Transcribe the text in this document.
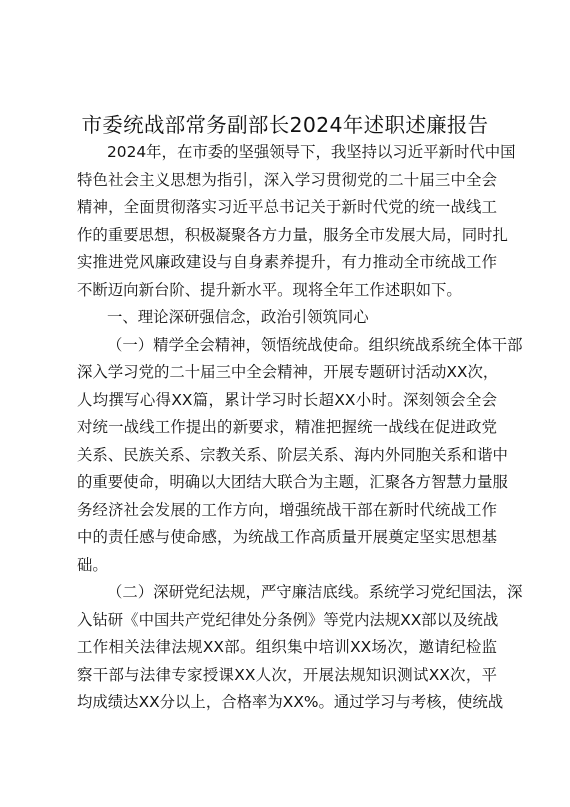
市委统战部常务副部长2024年述职述廉报告
2024年，在市委的坚强领导下，我坚持以习近平新时代中国
特色社会主义思想为指引，深入学习贯彻党的二十届三中全会
精神，全面贯彻落实习近平总书记关于新时代党的统一战线工
作的重要思想，积极凝聚各方力量，服务全市发展大局，同时扎
实推进党风廉政建设与自身素养提升，有力推动全市统战工作
不断迈向新台阶、提升新水平。现将全年工作述职如下。
一、理论深研强信念，政治引领筑同心
（一）精学全会精神，领悟统战使命。组织统战系统全体干部
深入学习党的二十届三中全会精神，开展专题研讨活动XX次，
人均撰写心得XX篇，累计学习时长超XX小时。深刻领会全会
对统一战线工作提出的新要求，精准把握统一战线在促进政党
关系、民族关系、宗教关系、阶层关系、海内外同胞关系和谐中
的重要使命，明确以大团结大联合为主题，汇聚各方智慧力量服
务经济社会发展的工作方向，增强统战干部在新时代统战工作
中的责任感与使命感，为统战工作高质量开展奠定坚实思想基
础。
（二）深研党纪法规，严守廉洁底线。系统学习党纪国法，深
入钻研《中国共产党纪律处分条例》等党内法规XX部以及统战
工作相关法律法规XX部。组织集中培训XX场次，邀请纪检监
察干部与法律专家授课XX人次，开展法规知识测试XX次，平
均成绩达XX分以上，合格率为XX%。通过学习与考核，使统战
